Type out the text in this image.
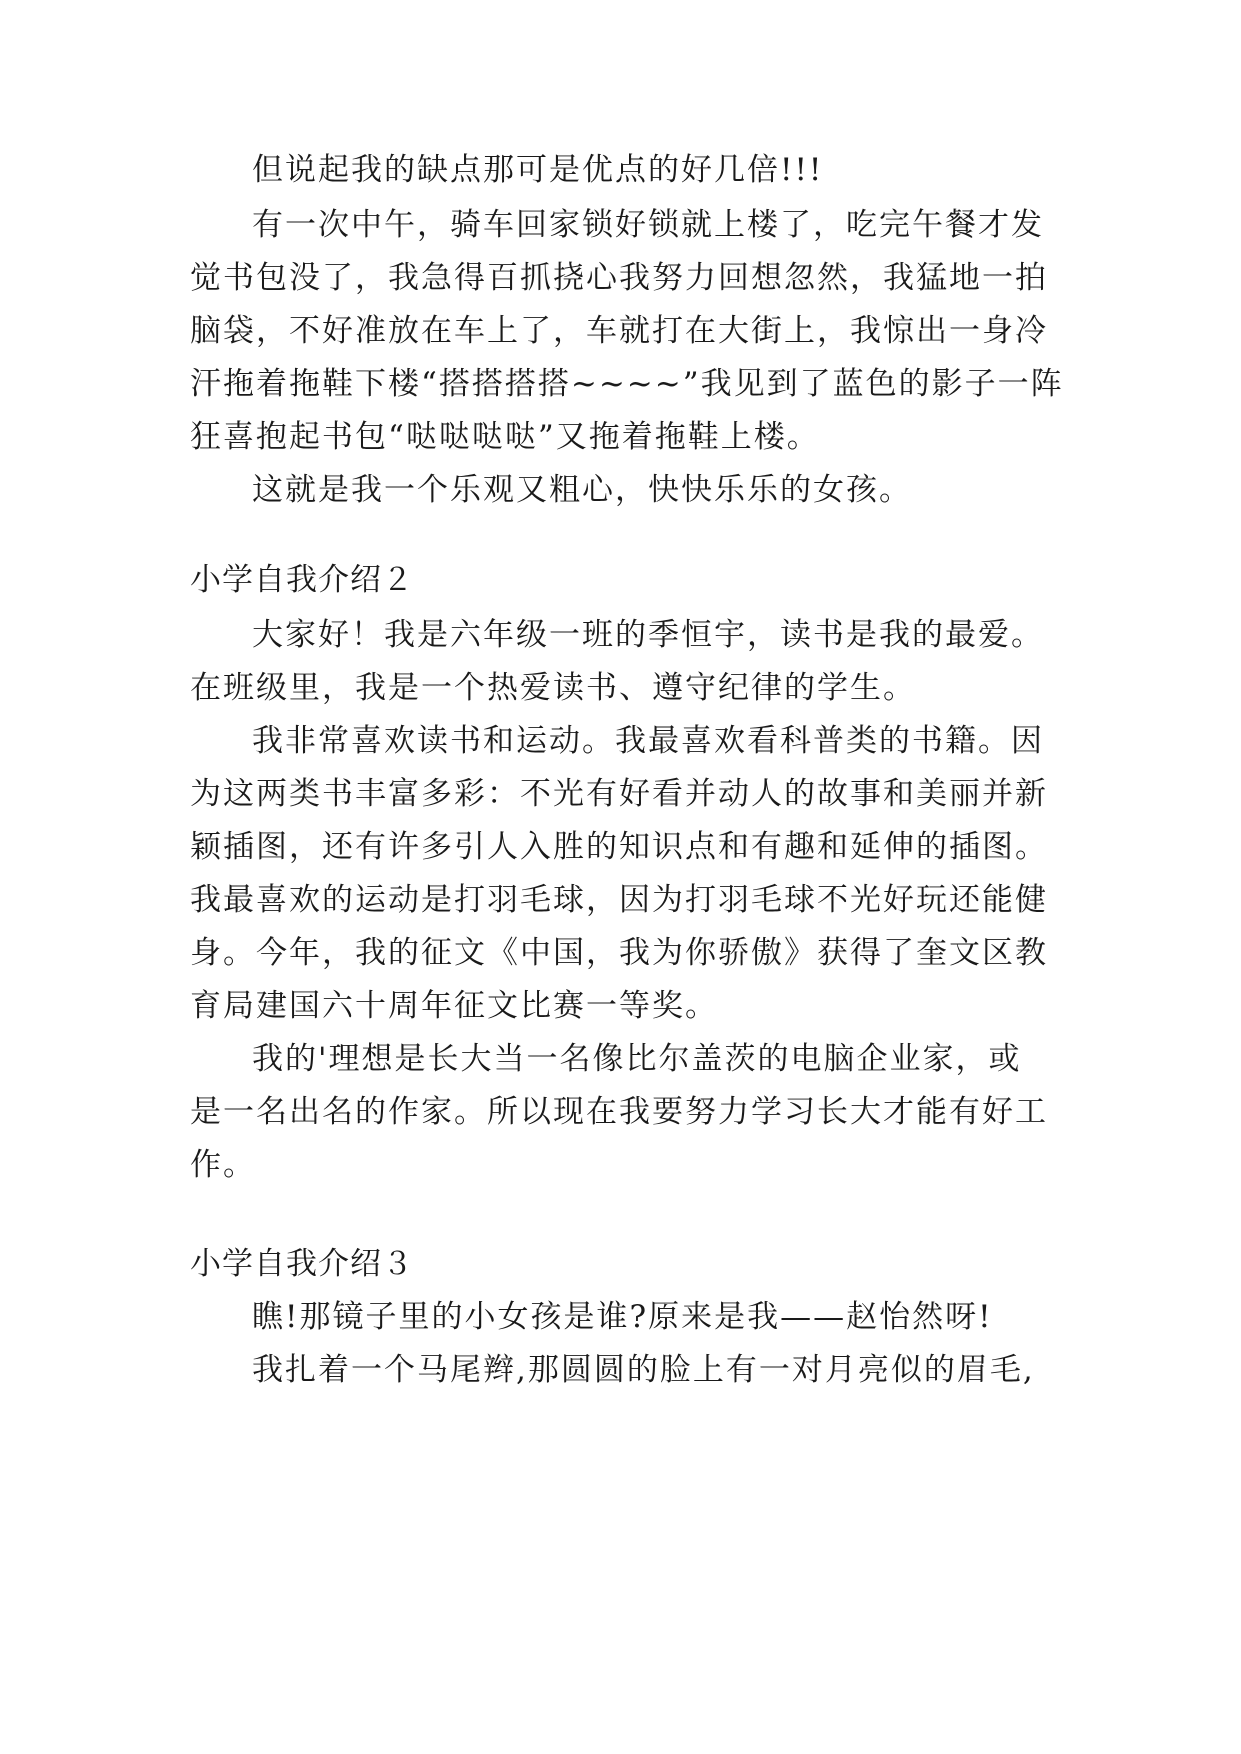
但说起我的缺点那可是优点的好几倍!!!
有一次中午，骑车回家锁好锁就上楼了，吃完午餐才发
觉书包没了，我急得百抓挠心我努力回想忽然，我猛地一拍
脑袋，不好准放在车上了，车就打在大街上，我惊出一身冷
汗拖着拖鞋下楼“搭搭搭搭~~~~”我见到了蓝色的影子一阵
狂喜抱起书包“哒哒哒哒”又拖着拖鞋上楼。
这就是我一个乐观又粗心，快快乐乐的女孩。
小学自我介绍２
大家好！我是六年级一班的季恒宇，读书是我的最爱。
在班级里，我是一个热爱读书、遵守纪律的学生。
我非常喜欢读书和运动。我最喜欢看科普类的书籍。因
为这两类书丰富多彩：不光有好看并动人的故事和美丽并新
颖插图，还有许多引人入胜的知识点和有趣和延伸的插图。
我最喜欢的运动是打羽毛球，因为打羽毛球不光好玩还能健
身。今年，我的征文《中国，我为你骄傲》获得了奎文区教
育局建国六十周年征文比赛一等奖。
我的'理想是长大当一名像比尔盖茨的电脑企业家，或
是一名出名的作家。所以现在我要努力学习长大才能有好工
作。
小学自我介绍３
瞧!那镜子里的小女孩是谁?原来是我——赵怡然呀!
我扎着一个马尾辫,那圆圆的脸上有一对月亮似的眉毛,
